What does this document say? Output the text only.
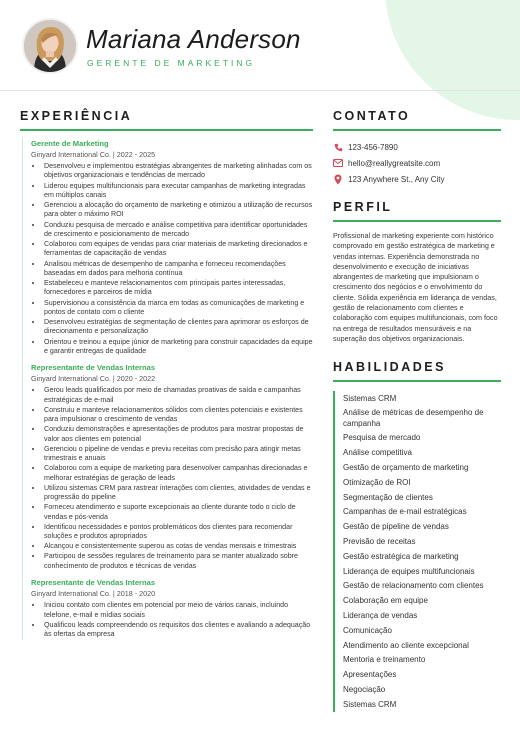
Mariana Anderson
GERENTE DE MARKETING
EXPERIÊNCIA
Gerente de Marketing
Ginyard International Co. | 2022 - 2025
• Desenvolveu e implementou estratégias abrangentes de marketing alinhadas com os objetivos organizacionais e tendências de mercado
• Liderou equipes multifuncionais para executar campanhas de marketing integradas em múltiplos canais
• Gerenciou a alocação do orçamento de marketing e otimizou a utilização de recursos para obter o máximo ROI
• Conduziu pesquisa de mercado e análise competitiva para identificar oportunidades de crescimento e posicionamento de mercado
• Colaborou com equipes de vendas para criar materiais de marketing direcionados e ferramentas de capacitação de vendas
• Analisou métricas de desempenho de campanha e forneceu recomendações baseadas em dados para melhoria contínua
• Estabeleceu e manteve relacionamentos com principais partes interessadas, fornecedores e parceiros de mídia
• Supervisionou a consistência da marca em todas as comunicações de marketing e pontos de contato com o cliente
• Desenvolveu estratégias de segmentação de clientes para aprimorar os esforços de direcionamento e personalização
• Orientou e treinou a equipe júnior de marketing para construir capacidades da equipe e garantir entregas de qualidade
Representante de Vendas Internas
Ginyard International Co. | 2020 - 2022
• Gerou leads qualificados por meio de chamadas proativas de saída e campanhas estratégicas de e-mail
• Construiu e manteve relacionamentos sólidos com clientes potenciais e existentes para impulsionar o crescimento de vendas
• Conduziu demonstrações e apresentações de produtos para mostrar propostas de valor aos clientes em potencial
• Gerenciou o pipeline de vendas e previu receitas com precisão para atingir metas trimestrais e anuais
• Colaborou com a equipe de marketing para desenvolver campanhas direcionadas e melhorar estratégias de geração de leads
• Utilizou sistemas CRM para rastrear interações com clientes, atividades de vendas e progressão do pipeline
• Forneceu atendimento e suporte excepcionais ao cliente durante todo o ciclo de vendas e pós-venda
• Identificou necessidades e pontos problemáticos dos clientes para recomendar soluções e produtos apropriados
• Alcançou e consistentemente superou as cotas de vendas mensais e trimestrais
• Participou de sessões regulares de treinamento para se manter atualizado sobre conhecimento de produtos e técnicas de vendas
Representante de Vendas Internas
Ginyard International Co. | 2018 - 2020
• Iniciou contato com clientes em potencial por meio de vários canais, incluindo telefone, e-mail e mídias sociais
• Qualificou leads compreendendo os requisitos dos clientes e avaliando a adequação às ofertas da empresa
CONTATO
123-456-7890
hello@reallygreatsite.com
123 Anywhere St., Any City
PERFIL
Profissional de marketing experiente com histórico comprovado em gestão estratégica de marketing e vendas internas. Experiência demonstrada no desenvolvimento e execução de iniciativas abrangentes de marketing que impulsionam o crescimento dos negócios e o envolvimento do cliente. Sólida experiência em liderança de vendas, gestão de relacionamento com clientes e colaboração com equipes multifuncionais, com foco na entrega de resultados mensuráveis e na superação dos objetivos organizacionais.
HABILIDADES
Sistemas CRM
Análise de métricas de desempenho de campanha
Pesquisa de mercado
Análise competitiva
Gestão de orçamento de marketing
Otimização de ROI
Segmentação de clientes
Campanhas de e-mail estratégicas
Gestão de pipeline de vendas
Previsão de receitas
Gestão estratégica de marketing
Liderança de equipes multifuncionais
Gestão de relacionamento com clientes
Colaboração em equipe
Liderança de vendas
Comunicação
Atendimento ao cliente excepcional
Mentoria e treinamento
Apresentações
Negociação
Sistemas CRM
